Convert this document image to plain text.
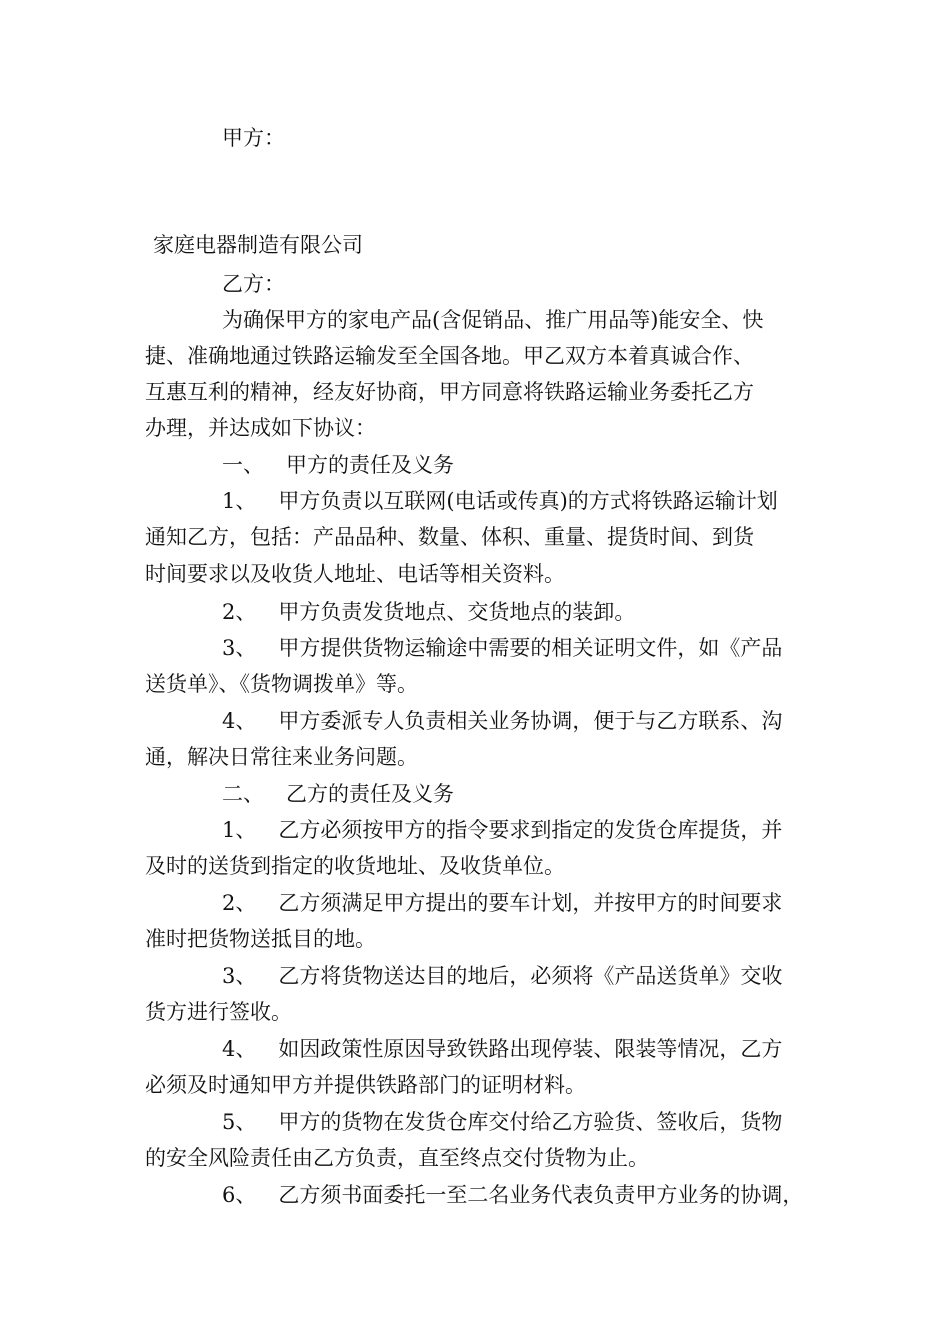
甲方：
家庭电器制造有限公司
乙方：
为确保甲方的家电产品(含促销品、推广用品等)能安全、快
捷、准确地通过铁路运输发至全国各地。甲乙双方本着真诚合作、
互惠互利的精神，经友好协商，甲方同意将铁路运输业务委托乙方
办理，并达成如下协议：
一、 甲方的责任及义务
1、 甲方负责以互联网(电话或传真)的方式将铁路运输计划
通知乙方，包括：产品品种、数量、体积、重量、提货时间、到货
时间要求以及收货人地址、电话等相关资料。
2、 甲方负责发货地点、交货地点的装卸。
3、 甲方提供货物运输途中需要的相关证明文件，如《产品
送货单》、《货物调拨单》等。
4、 甲方委派专人负责相关业务协调，便于与乙方联系、沟
通，解决日常往来业务问题。
二、 乙方的责任及义务
1、 乙方必须按甲方的指令要求到指定的发货仓库提货，并
及时的送货到指定的收货地址、及收货单位。
2、 乙方须满足甲方提出的要车计划，并按甲方的时间要求
准时把货物送抵目的地。
3、 乙方将货物送达目的地后，必须将《产品送货单》交收
货方进行签收。
4、 如因政策性原因导致铁路出现停装、限装等情况，乙方
必须及时通知甲方并提供铁路部门的证明材料。
5、 甲方的货物在发货仓库交付给乙方验货、签收后，货物
的安全风险责任由乙方负责，直至终点交付货物为止。
6、 乙方须书面委托一至二名业务代表负责甲方业务的协调，
